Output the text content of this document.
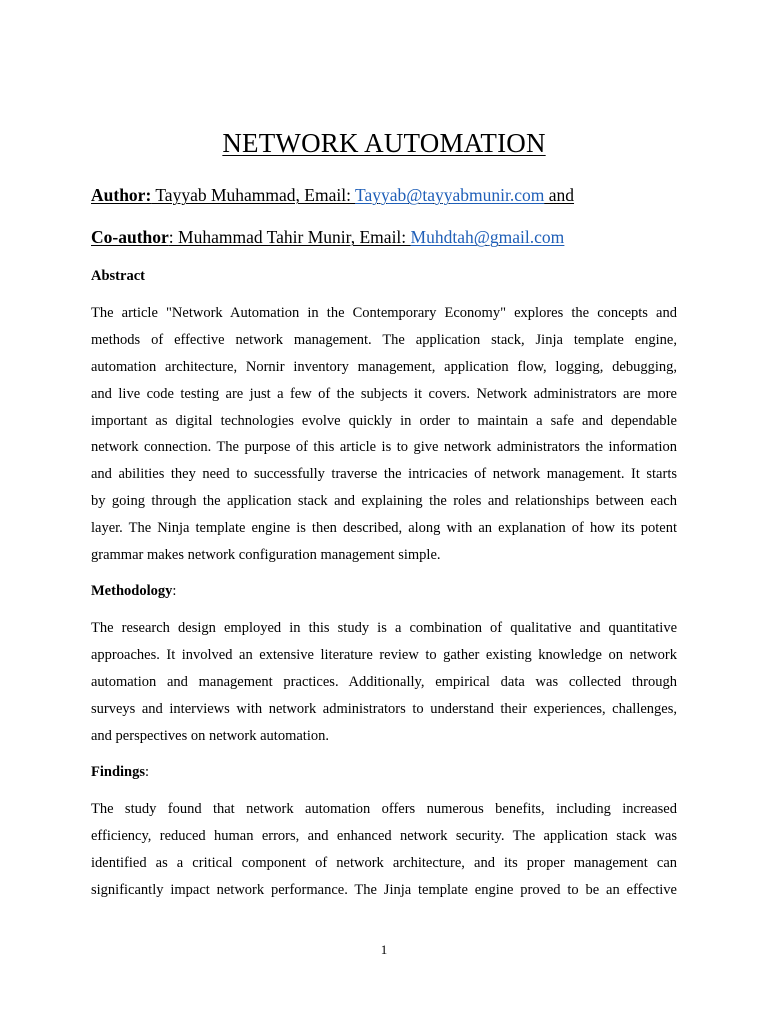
NETWORK AUTOMATION
Author: Tayyab Muhammad, Email: Tayyab@tayyabmunir.com and
Co-author: Muhammad Tahir Munir, Email: Muhdtah@gmail.com
Abstract
The article "Network Automation in the Contemporary Economy" explores the concepts and
methods of effective network management. The application stack, Jinja template engine,
automation architecture, Nornir inventory management, application flow, logging, debugging,
and live code testing are just a few of the subjects it covers. Network administrators are more
important as digital technologies evolve quickly in order to maintain a safe and dependable
network connection. The purpose of this article is to give network administrators the information
and abilities they need to successfully traverse the intricacies of network management. It starts
by going through the application stack and explaining the roles and relationships between each
layer. The Ninja template engine is then described, along with an explanation of how its potent
grammar makes network configuration management simple.
Methodology:
The research design employed in this study is a combination of qualitative and quantitative
approaches. It involved an extensive literature review to gather existing knowledge on network
automation and management practices. Additionally, empirical data was collected through
surveys and interviews with network administrators to understand their experiences, challenges,
and perspectives on network automation.
Findings:
The study found that network automation offers numerous benefits, including increased
efficiency, reduced human errors, and enhanced network security. The application stack was
identified as a critical component of network architecture, and its proper management can
significantly impact network performance. The Jinja template engine proved to be an effective
1
